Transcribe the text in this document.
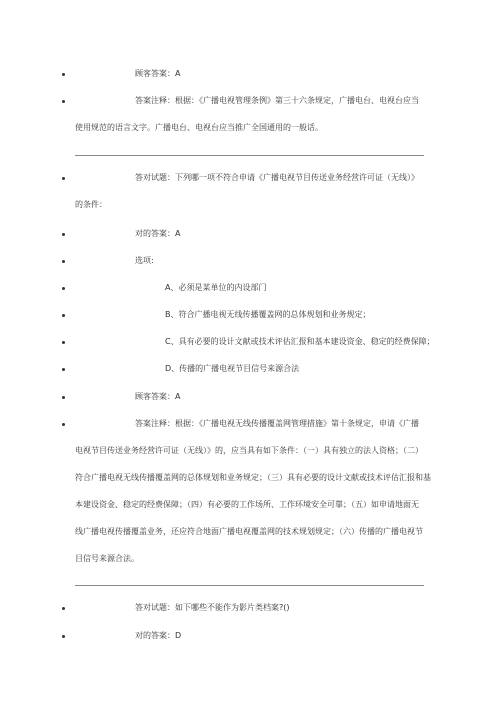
顾客答案：A
答案注释：根据：《广播电视管理条例》第三十六条规定，广播电台、电视台应当
使用规范的语言文字。广播电台、电视台应当推广全国通用的一般话。
答对试题：下列哪一项不符合申请《广播电视节目传送业务经营许可证（无线）》
的条件：
对的答案：A
选项:
A、必须是某单位的内设部门
B、符合广播电视无线传播覆盖网的总体规划和业务规定；
C、具有必要的设计文献或技术评估汇报和基本建设资金、稳定的经费保障；
D、传播的广播电视节目信号来源合法
顾客答案：A
答案注释：根据：《广播电视无线传播覆盖网管理措施》第十条规定，申请《广播
电视节目传送业务经营许可证（无线）》的，应当具有如下条件：（一）具有独立的法人资格；（二）
符合广播电视无线传播覆盖网的总体规划和业务规定；（三）具有必要的设计文献或技术评估汇报和基
本建设资金、稳定的经费保障；（四）有必要的工作场所、工作环境安全可靠；（五）如申请地面无
线广播电视传播覆盖业务，还应符合地面广播电视覆盖网的技术规划规定；（六）传播的广播电视节
目信号来源合法。
答对试题：如下哪些不能作为影片类档案?()
对的答案：D
